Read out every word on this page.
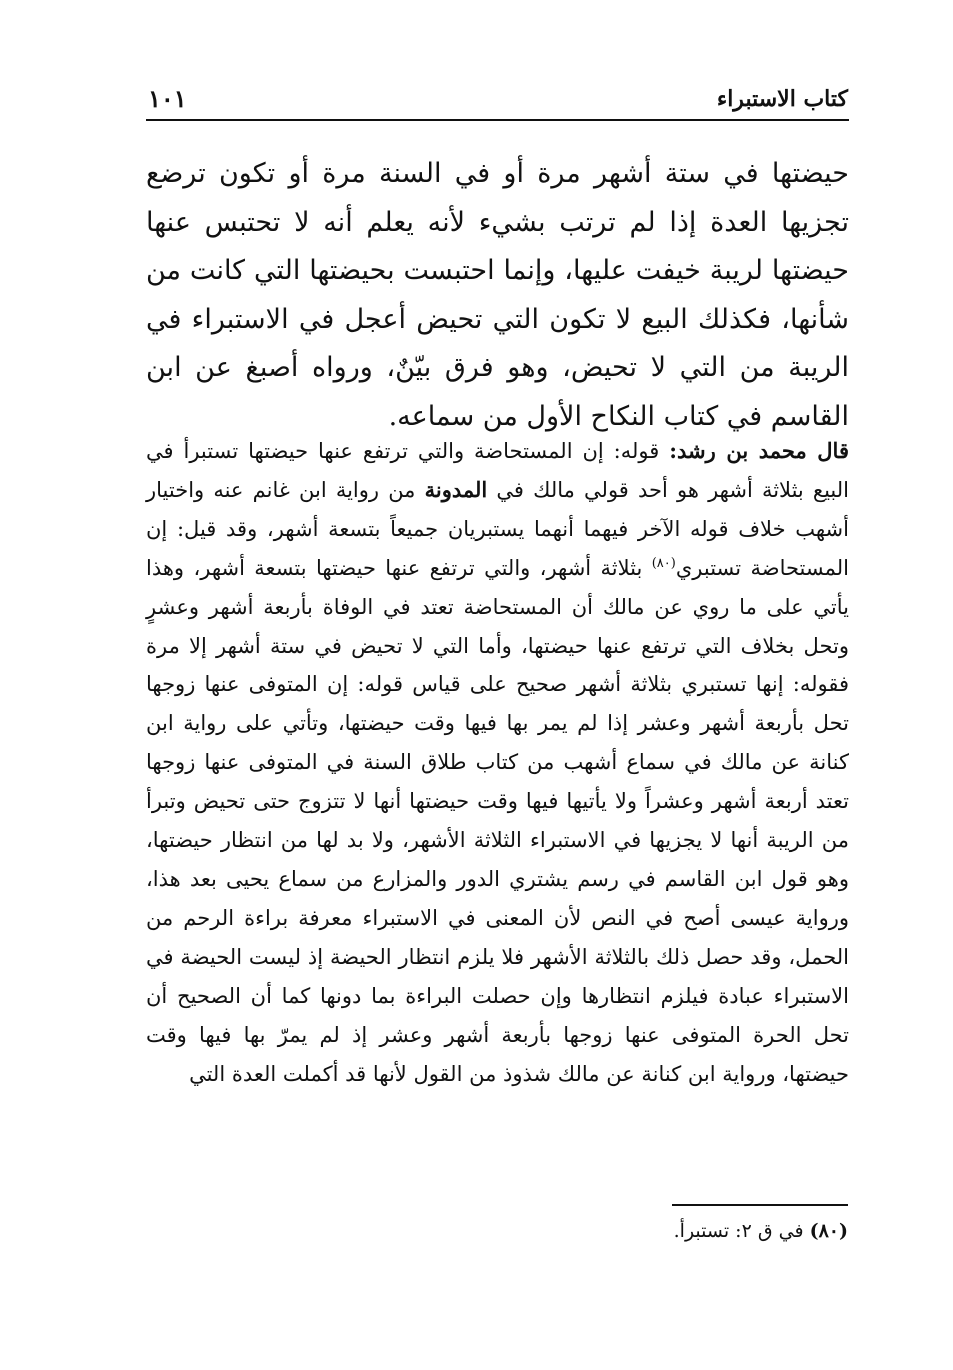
كتاب الاستبراء
١٠١

حيضتها في ستة أشهر مرة أو في السنة مرة أو تكون ترضع تجزيها العدة إذا لم ترتب بشيء لأنه يعلم أنه لا تحتبس عنها حيضتها لريبة خيفت عليها، وإنما احتبست بحيضتها التي كانت من شأنها، فكذلك البيع لا تكون التي تحيض أعجل في الاستبراء في الريبة من التي لا تحيض، وهو فرق بيّنٌ، ورواه أصبغ عن ابن القاسم في كتاب النكاح الأول من سماعه.

قال محمد بن رشد: قوله: إن المستحاضة والتي ترتفع عنها حيضتها تستبرأ في البيع بثلاثة أشهر هو أحد قولي مالك في المدونة من رواية ابن غانم عنه واختيار أشهب خلاف قوله الآخر فيهما أنهما يستبريان جميعاً بتسعة أشهر، وقد قيل: إن المستحاضة تستبري$^{(٨٠)}$ بثلاثة أشهر، والتي ترتفع عنها حيضتها بتسعة أشهر، وهذا يأتي على ما روي عن مالك أن المستحاضة تعتد في الوفاة بأربعة أشهر وعشرٍ وتحل بخلاف التي ترتفع عنها حيضتها، وأما التي لا تحيض في ستة أشهر إلا مرة فقوله: إنها تستبري بثلاثة أشهر صحيح على قياس قوله: إن المتوفى عنها زوجها تحل بأربعة أشهر وعشر إذا لم يمر بها فيها وقت حيضتها، وتأتي على رواية ابن كنانة عن مالك في سماع أشهب من كتاب طلاق السنة في المتوفى عنها زوجها تعتد أربعة أشهر وعشراً ولا يأتيها فيها وقت حيضتها أنها لا تتزوج حتى تحيض وتبرأ من الريبة أنها لا يجزيها في الاستبراء الثلاثة الأشهر، ولا بد لها من انتظار حيضتها، وهو قول ابن القاسم في رسم يشتري الدور والمزارع من سماع يحيى بعد هذا، ورواية عيسى أصح في النص لأن المعنى في الاستبراء معرفة براءة الرحم من الحمل، وقد حصل ذلك بالثلاثة الأشهر فلا يلزم انتظار الحيضة إذ ليست الحيضة في الاستبراء عبادة فيلزم انتظارها وإن حصلت البراءة بما دونها كما أن الصحيح أن تحل الحرة المتوفى عنها زوجها بأربعة أشهر وعشر إذ لم يمرّ بها فيها وقت حيضتها، ورواية ابن كنانة عن مالك شذوذ من القول لأنها قد أكملت العدة التي

(٨٠) في ق ٢: تستبرأ.
